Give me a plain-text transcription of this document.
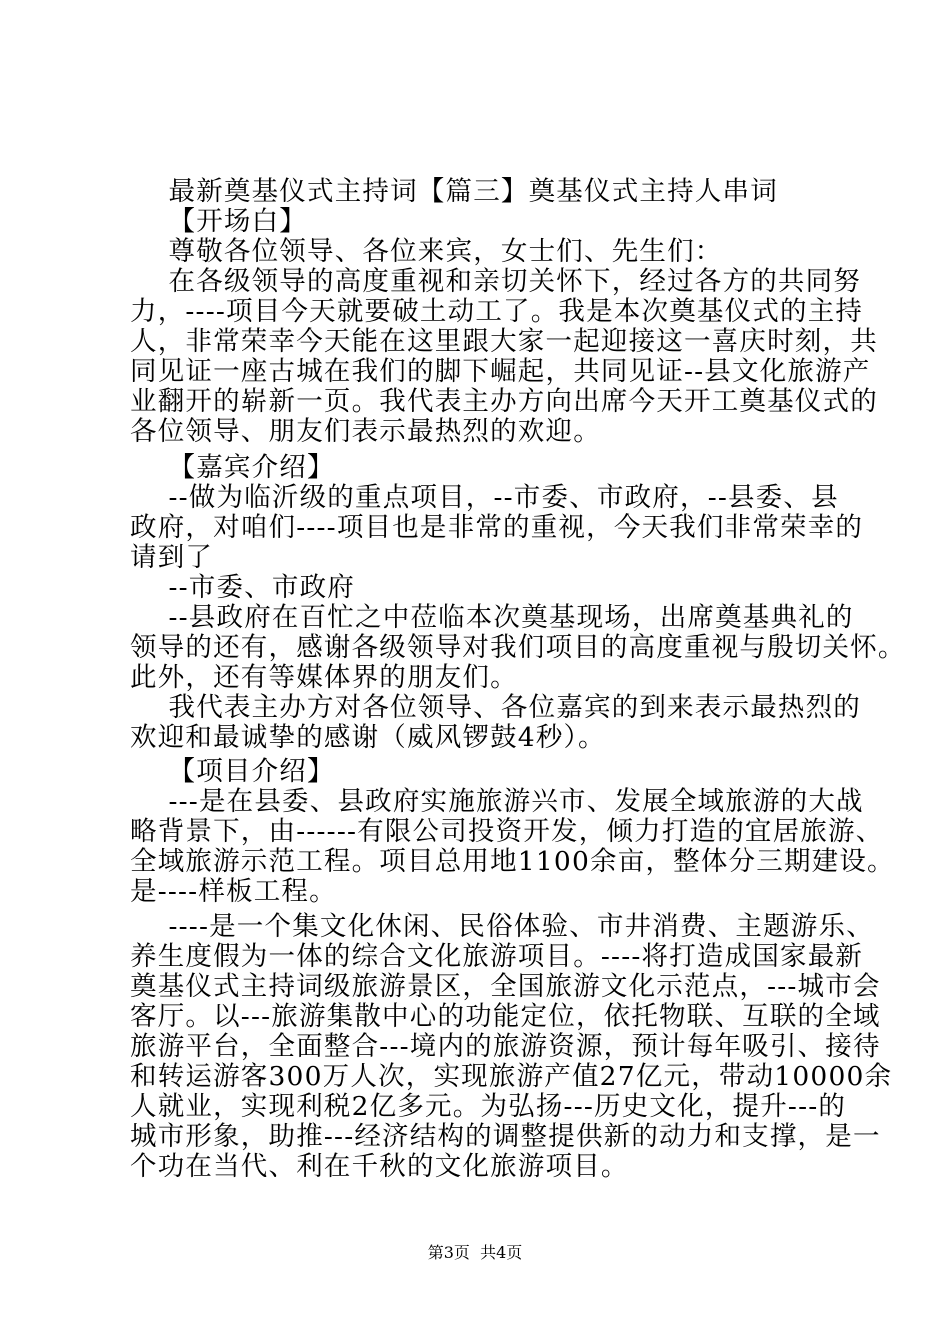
最新奠基仪式主持词【篇三】奠基仪式主持人串词
【开场白】
尊敬各位领导、各位来宾，女士们、先生们：
在各级领导的高度重视和亲切关怀下，经过各方的共同努
力，----项目今天就要破土动工了。我是本次奠基仪式的主持
人，非常荣幸今天能在这里跟大家一起迎接这一喜庆时刻，共
同见证一座古城在我们的脚下崛起，共同见证--县文化旅游产
业翻开的崭新一页。我代表主办方向出席今天开工奠基仪式的
各位领导、朋友们表示最热烈的欢迎。
【嘉宾介绍】
--做为临沂级的重点项目，--市委、市政府，--县委、县
政府，对咱们----项目也是非常的重视，今天我们非常荣幸的
请到了
--市委、市政府
--县政府在百忙之中莅临本次奠基现场，出席奠基典礼的
领导的还有，感谢各级领导对我们项目的高度重视与殷切关怀。
此外，还有等媒体界的朋友们。
我代表主办方对各位领导、各位嘉宾的到来表示最热烈的
欢迎和最诚挚的感谢（威风锣鼓4秒）。
【项目介绍】
---是在县委、县政府实施旅游兴市、发展全域旅游的大战
略背景下，由------有限公司投资开发，倾力打造的宜居旅游、
全域旅游示范工程。项目总用地1100余亩，整体分三期建设。
是----样板工程。
----是一个集文化休闲、民俗体验、市井消费、主题游乐、
养生度假为一体的综合文化旅游项目。----将打造成国家最新
奠基仪式主持词级旅游景区，全国旅游文化示范点，---城市会
客厅。以---旅游集散中心的功能定位，依托物联、互联的全域
旅游平台，全面整合---境内的旅游资源，预计每年吸引、接待
和转运游客300万人次，实现旅游产值27亿元，带动10000余
人就业，实现利税2亿多元。为弘扬---历史文化，提升---的
城市形象，助推---经济结构的调整提供新的动力和支撑，是一
个功在当代、利在千秋的文化旅游项目。
第3页  共4页
